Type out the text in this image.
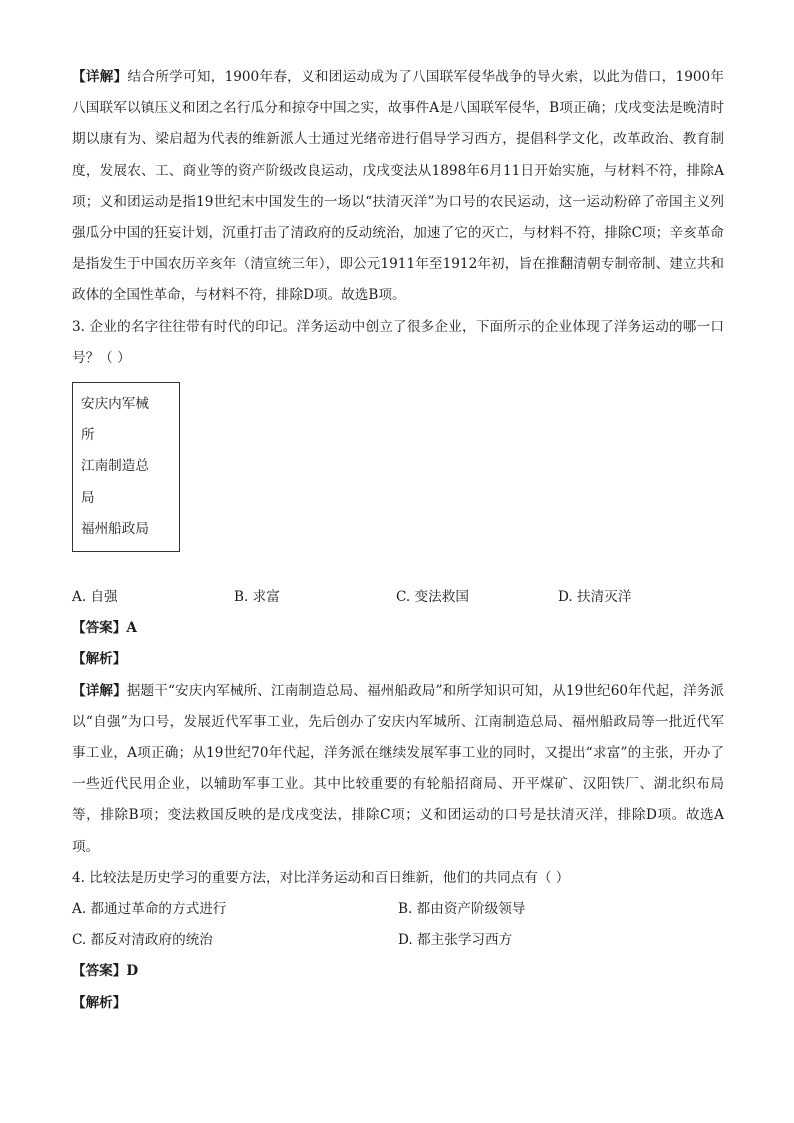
【详解】结合所学可知，1900年春，义和团运动成为了八国联军侵华战争的导火索，以此为借口，1900年八国联军以镇压义和团之名行瓜分和掠夺中国之实，故事件A是八国联军侵华，B项正确；戊戌变法是晚清时期以康有为、梁启超为代表的维新派人士通过光绪帝进行倡导学习西方，提倡科学文化，改革政治、教育制度，发展农、工、商业等的资产阶级改良运动，戊戌变法从1898年6月11日开始实施，与材料不符，排除A项；义和团运动是指19世纪末中国发生的一场以“扶清灭洋”为口号的农民运动，这一运动粉碎了帝国主义列强瓜分中国的狂妄计划，沉重打击了清政府的反动统治，加速了它的灭亡，与材料不符，排除C项；辛亥革命是指发生于中国农历辛亥年（清宣统三年），即公元1911年至1912年初，旨在推翻清朝专制帝制、建立共和政体的全国性革命，与材料不符，排除D项。故选B项。

3. 企业的名字往往带有时代的印记。洋务运动中创立了很多企业，下面所示的企业体现了洋务运动的哪一口号？（ ）

安庆内军械
所
江南制造总
局
福州船政局
A. 自强	B. 求富	C. 变法救国	D. 扶清灭洋

【答案】A

【解析】

【详解】据题干“安庆内军械所、江南制造总局、福州船政局”和所学知识可知，从19世纪60年代起，洋务派以“自强”为口号，发展近代军事工业，先后创办了安庆内军城所、江南制造总局、福州船政局等一批近代军事工业，A项正确；从19世纪70年代起，洋务派在继续发展军事工业的同时，又提出“求富”的主张，开办了一些近代民用企业，以辅助军事工业。其中比较重要的有轮船招商局、开平煤矿、汉阳铁厂、湖北织布局等，排除B项；变法救国反映的是戊戌变法，排除C项；义和团运动的口号是扶清灭洋，排除D项。故选A项。

4. 比较法是历史学习的重要方法，对比洋务运动和百日维新，他们的共同点有（ ）

A. 都通过革命的方式进行	B. 都由资产阶级领导
C. 都反对清政府的统治	D. 都主张学习西方

【答案】D

【解析】
